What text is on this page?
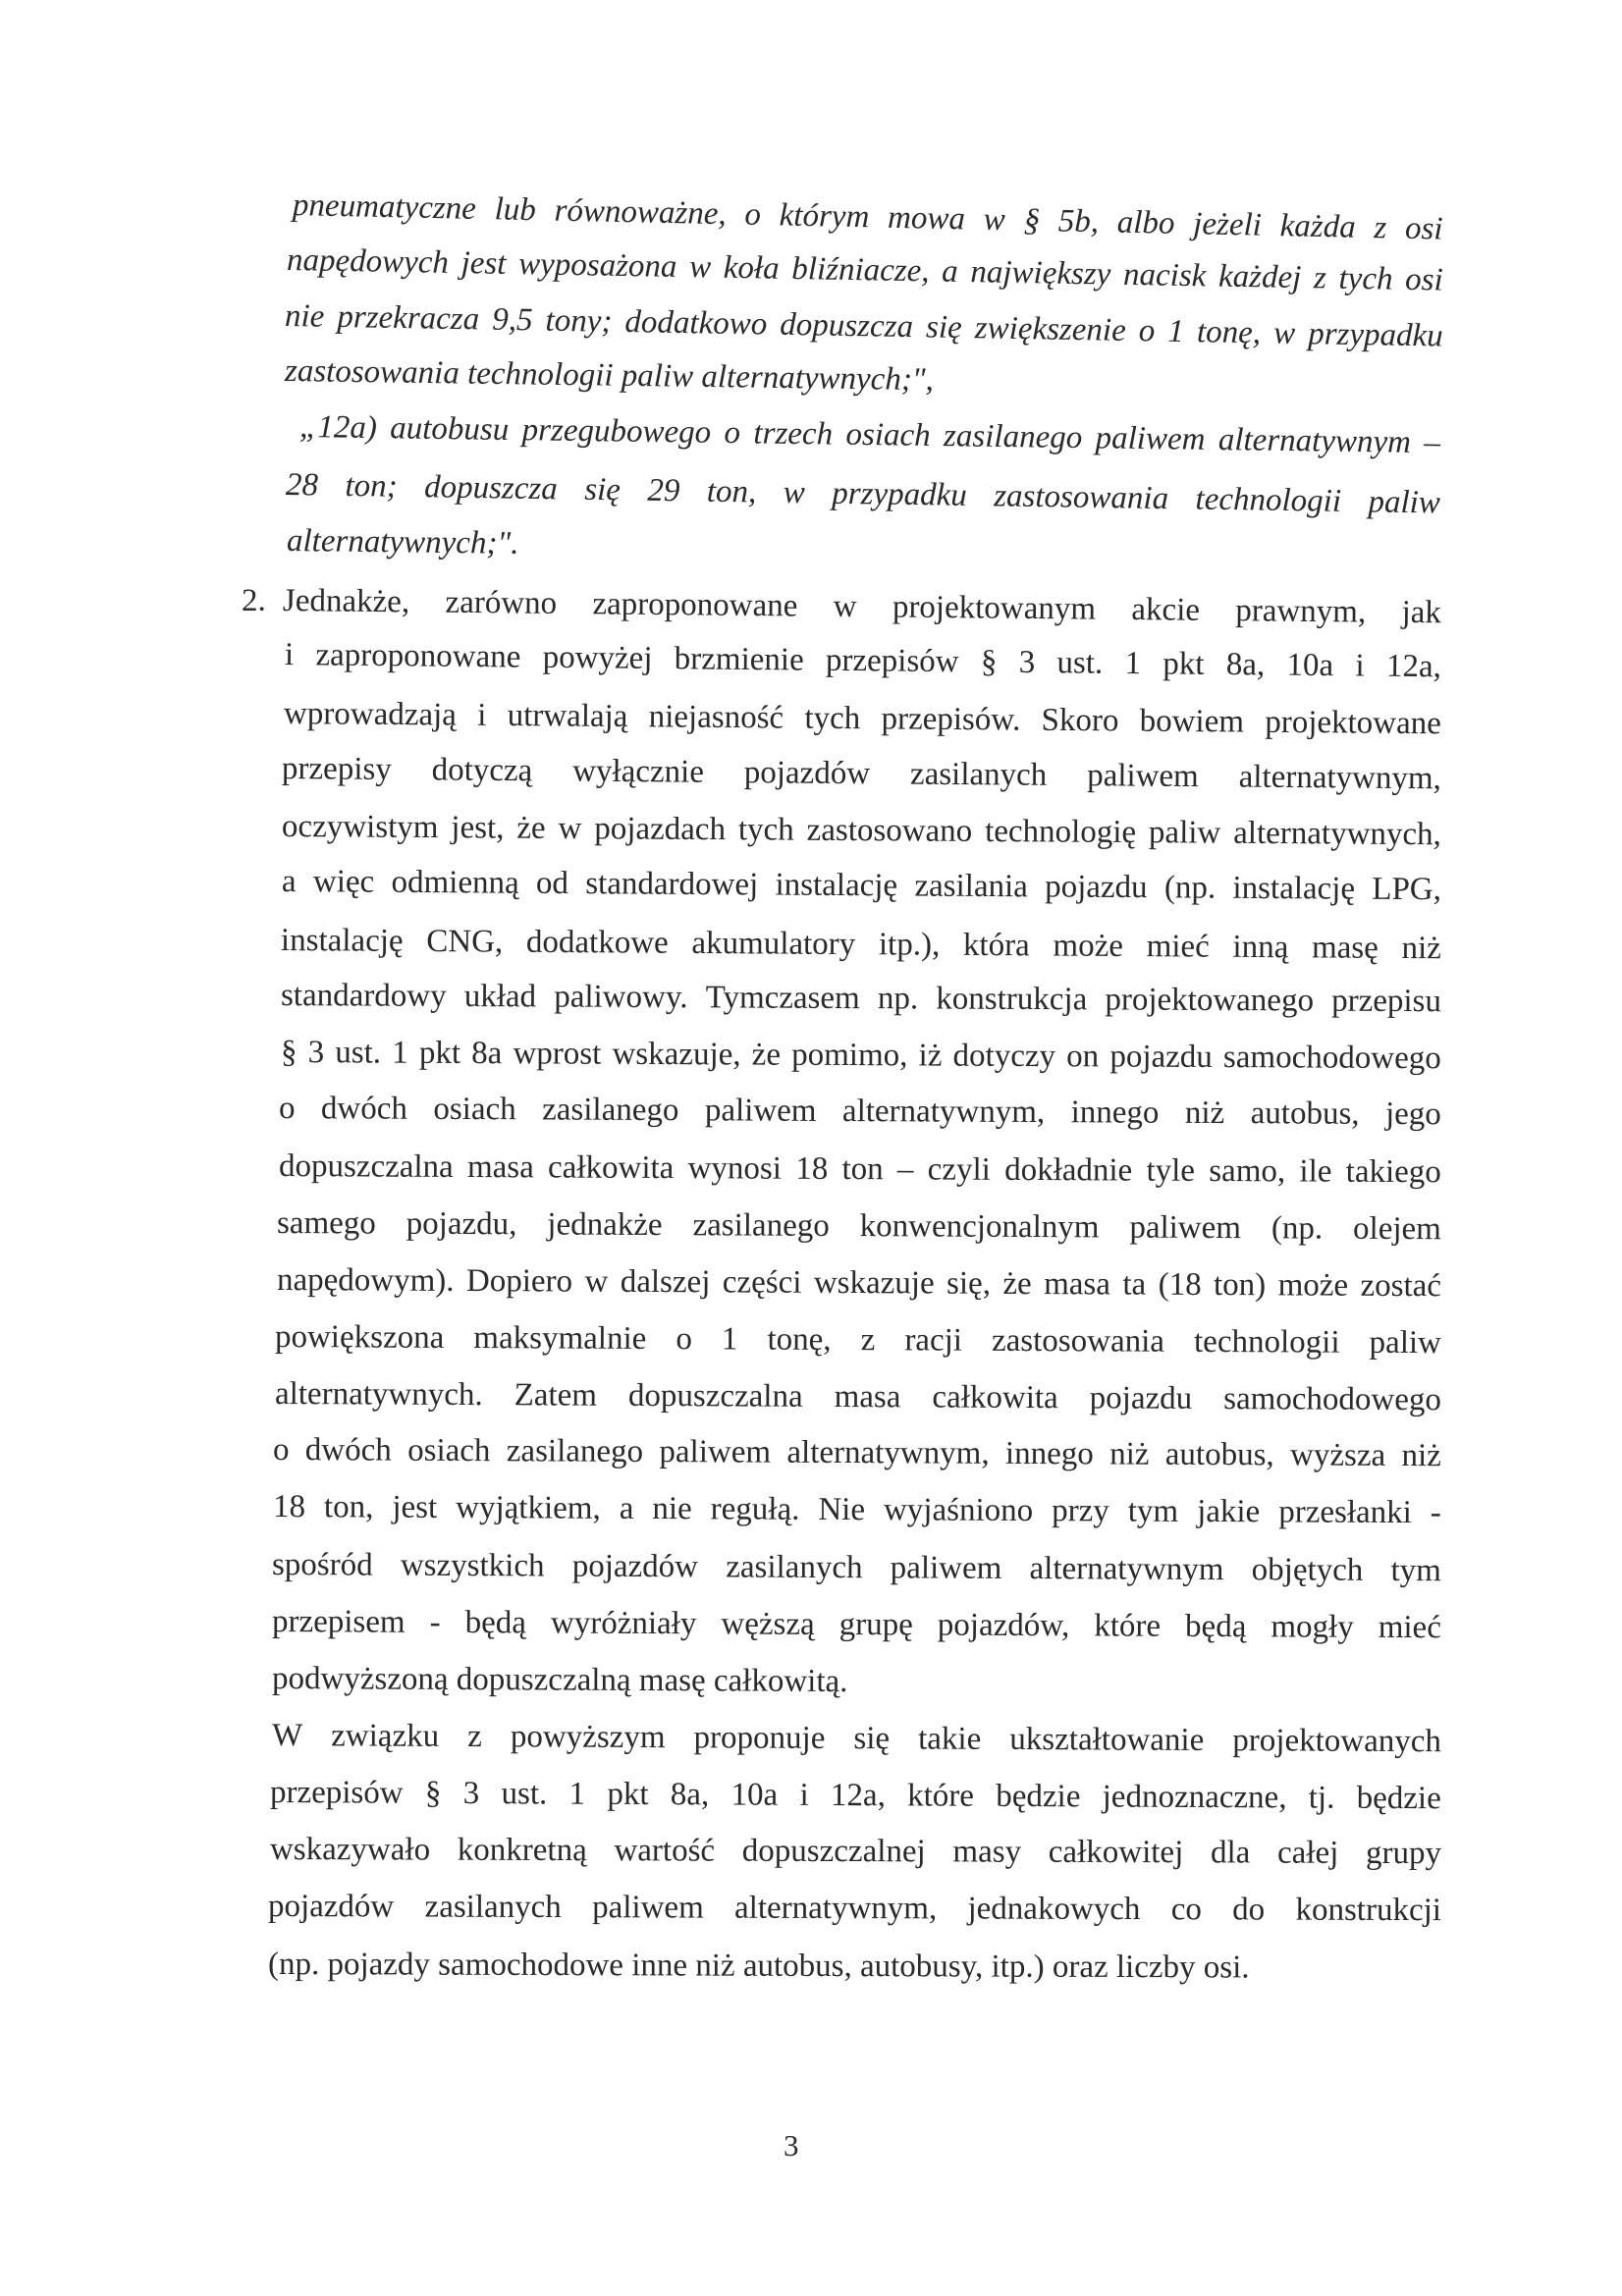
pneumatyczne lub równoważne, o którym mowa w § 5b, albo jeżeli każda z osi
napędowych jest wyposażona w koła bliźniacze, a największy nacisk każdej z tych osi
nie przekracza 9,5 tony; dodatkowo dopuszcza się zwiększenie o 1 tonę, w przypadku
zastosowania technologii paliw alternatywnych;",
„12a) autobusu przegubowego o trzech osiach zasilanego paliwem alternatywnym –
28 ton; dopuszcza się 29 ton, w przypadku zastosowania technologii paliw
alternatywnych;".
2. Jednakże, zarówno zaproponowane w projektowanym akcie prawnym, jak
i zaproponowane powyżej brzmienie przepisów § 3 ust. 1 pkt 8a, 10a i 12a,
wprowadzają i utrwalają niejasność tych przepisów. Skoro bowiem projektowane
przepisy dotyczą wyłącznie pojazdów zasilanych paliwem alternatywnym,
oczywistym jest, że w pojazdach tych zastosowano technologię paliw alternatywnych,
a więc odmienną od standardowej instalację zasilania pojazdu (np. instalację LPG,
instalację CNG, dodatkowe akumulatory itp.), która może mieć inną masę niż
standardowy układ paliwowy. Tymczasem np. konstrukcja projektowanego przepisu
§ 3 ust. 1 pkt 8a wprost wskazuje, że pomimo, iż dotyczy on pojazdu samochodowego
o dwóch osiach zasilanego paliwem alternatywnym, innego niż autobus, jego
dopuszczalna masa całkowita wynosi 18 ton – czyli dokładnie tyle samo, ile takiego
samego pojazdu, jednakże zasilanego konwencjonalnym paliwem (np. olejem
napędowym). Dopiero w dalszej części wskazuje się, że masa ta (18 ton) może zostać
powiększona maksymalnie o 1 tonę, z racji zastosowania technologii paliw
alternatywnych. Zatem dopuszczalna masa całkowita pojazdu samochodowego
o dwóch osiach zasilanego paliwem alternatywnym, innego niż autobus, wyższa niż
18 ton, jest wyjątkiem, a nie regułą. Nie wyjaśniono przy tym jakie przesłanki -
spośród wszystkich pojazdów zasilanych paliwem alternatywnym objętych tym
przepisem - będą wyróżniały węższą grupę pojazdów, które będą mogły mieć
podwyższoną dopuszczalną masę całkowitą.
W związku z powyższym proponuje się takie ukształtowanie projektowanych
przepisów § 3 ust. 1 pkt 8a, 10a i 12a, które będzie jednoznaczne, tj. będzie
wskazywało konkretną wartość dopuszczalnej masy całkowitej dla całej grupy
pojazdów zasilanych paliwem alternatywnym, jednakowych co do konstrukcji
(np. pojazdy samochodowe inne niż autobus, autobusy, itp.) oraz liczby osi.
3
